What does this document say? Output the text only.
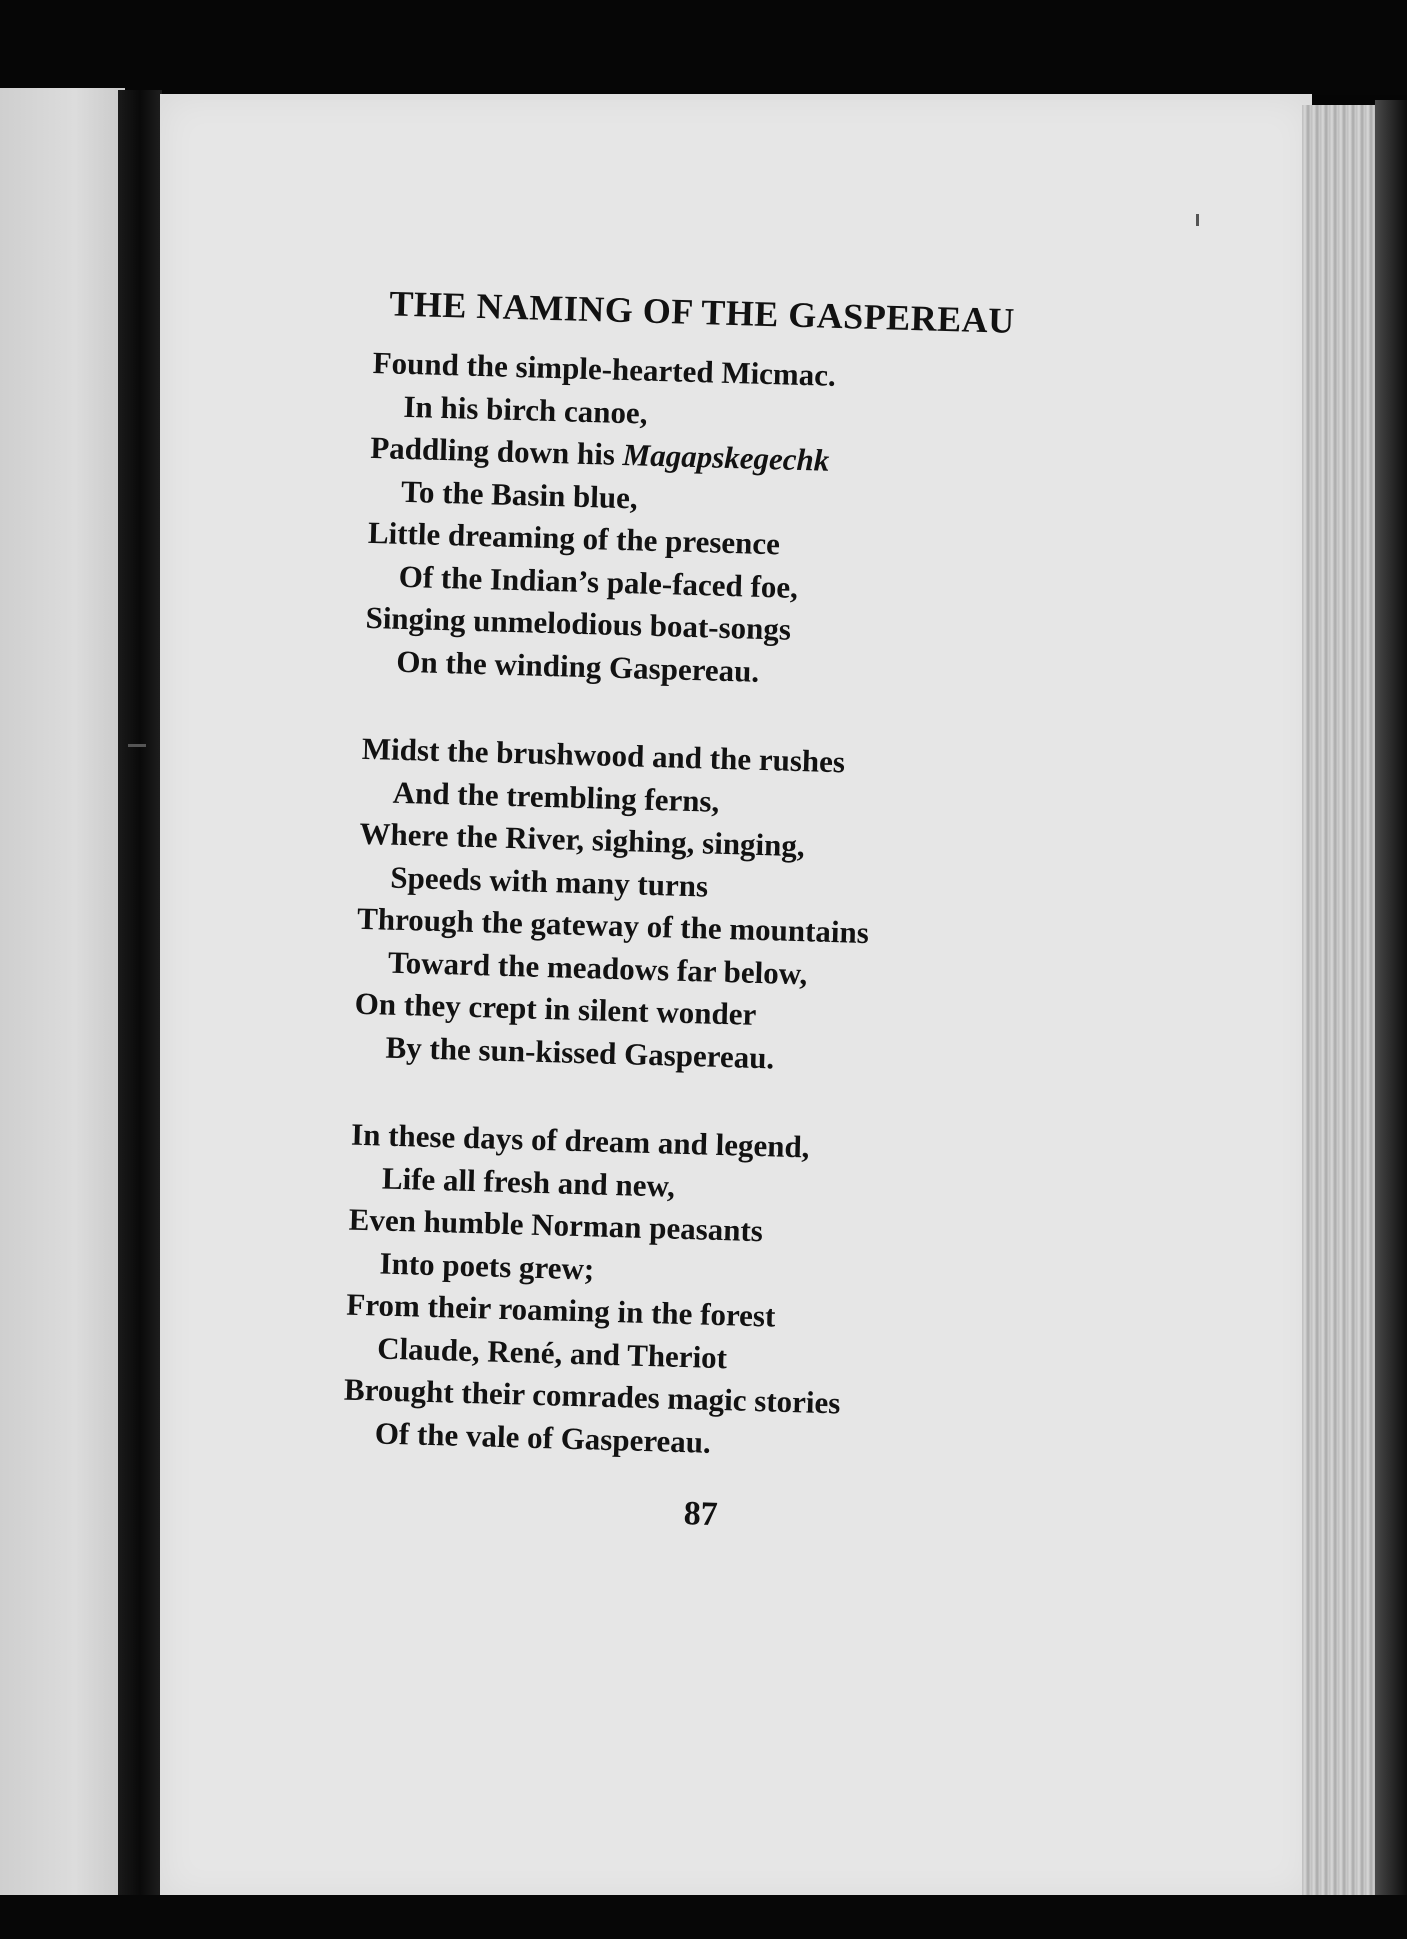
THE NAMING OF THE GASPEREAU
Found the simple-hearted Micmac.
In his birch canoe,
Paddling down his Magapskegechk
To the Basin blue,
Little dreaming of the presence
Of the Indian’s pale-faced foe,
Singing unmelodious boat-songs
On the winding Gaspereau.
Midst the brushwood and the rushes
And the trembling ferns,
Where the River, sighing, singing,
Speeds with many turns
Through the gateway of the mountains
Toward the meadows far below,
On they crept in silent wonder
By the sun-kissed Gaspereau.
In these days of dream and legend,
Life all fresh and new,
Even humble Norman peasants
Into poets grew;
From their roaming in the forest
Claude, René, and Theriot
Brought their comrades magic stories
Of the vale of Gaspereau.
87
